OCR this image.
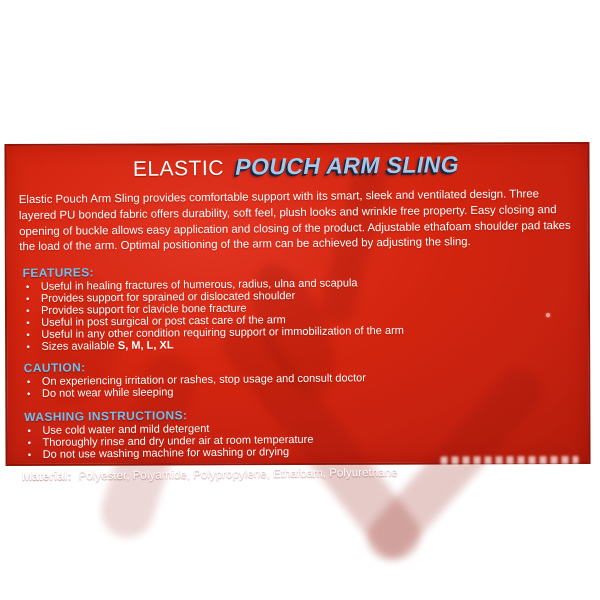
ELASTIC POUCH ARM SLING

Elastic Pouch Arm Sling provides comfortable support with its smart, sleek and ventilated design. Three layered PU bonded fabric offers durability, soft feel, plush looks and wrinkle free property. Easy closing and opening of buckle allows easy application and closing of the product. Adjustable ethafoam shoulder pad takes the load of the arm. Optimal positioning of the arm can be achieved by adjusting the sling.

FEATURES:
• Useful in healing fractures of humerous, radius, ulna and scapula
• Provides support for sprained or dislocated shoulder
• Provides support for clavicle bone fracture
• Useful in post surgical or post cast care of the arm
• Useful in any other condition requiring support or immobilization of the arm
• Sizes available S, M, L, XL
CAUTION:
• On experiencing irritation or rashes, stop usage and consult doctor
• Do not wear while sleeping
WASHING INSTRUCTIONS:
• Use cold water and mild detergent
• Thoroughly rinse and dry under air at room temperature
• Do not use washing machine for washing or drying

Material: Polyester, Polyamide, Polypropylene, Ethafoam, Polyurethane
